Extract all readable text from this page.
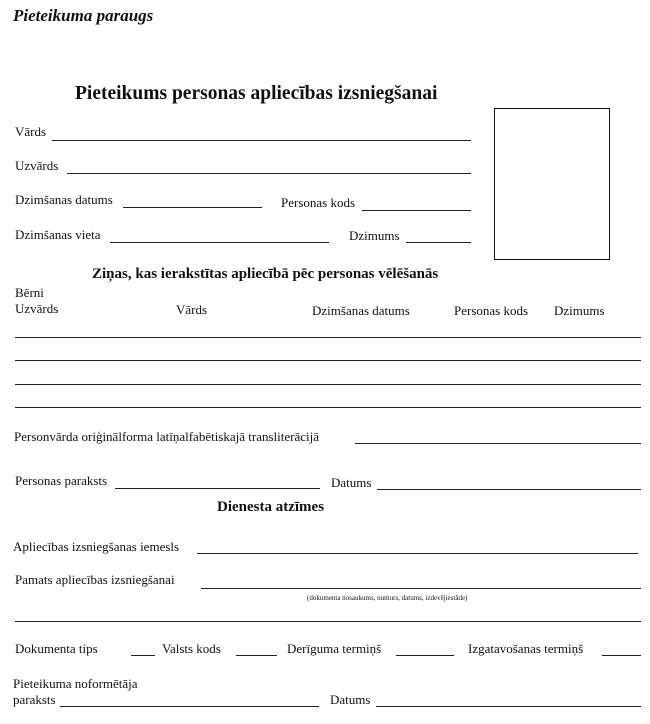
Pieteikuma paraugs
Pieteikums personas apliecības izsniegšanai
Vārds
Uzvārds
Dzimšanas datums	Personas kods
Dzimšanas vieta	Dzimums
Ziņas, kas ierakstītas apliecībā pēc personas vēlēšanās
Bērni
Uzvārds	Vārds	Dzimšanas datums	Personas kods Dzimums
Personvārda oriģinālforma latīņalfabētiskajā transliterācijā
Personas paraksts	Datums
Dienesta atzīmes
Apliecības izsniegšanas iemesls
Pamats apliecības izsniegšanai
(dokumenta nosaukums, numurs, datums, izdevējiestāde)
Dokumenta tips	Valsts kods	Derīguma termiņš	Izgatavošanas termiņš
Pieteikuma noformētāja
paraksts	Datums
